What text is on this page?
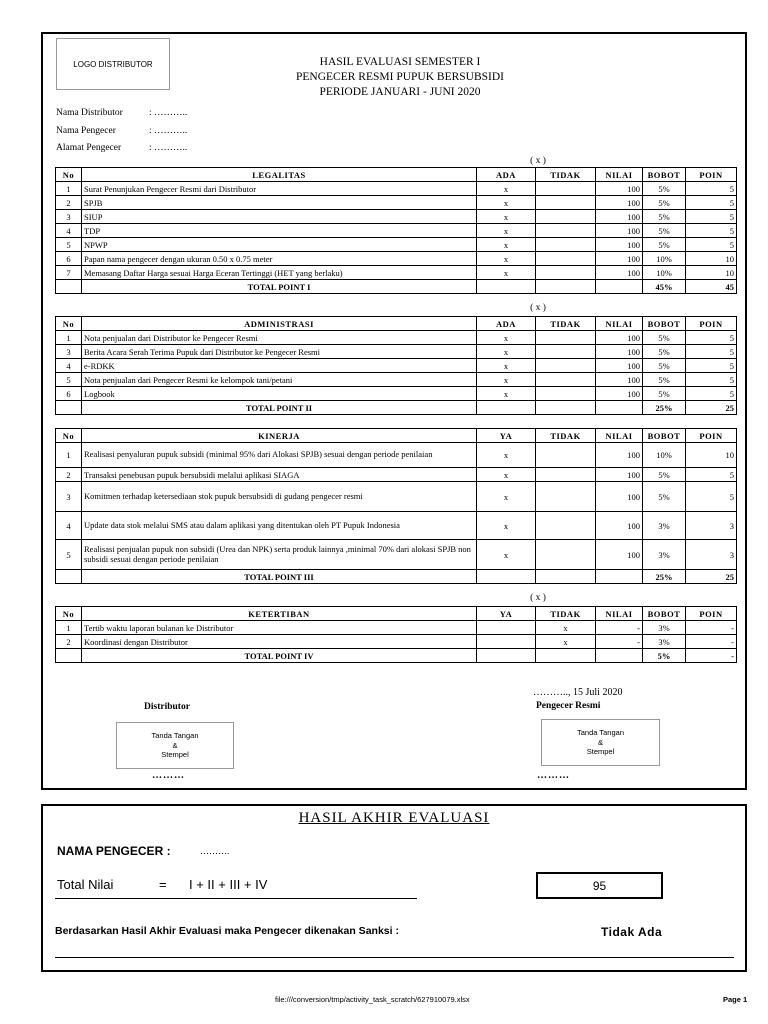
LOGO DISTRIBUTOR	HASIL EVALUASI SEMESTER I
PENGECER RESMI PUPUK BERSUBSIDI
PERIODE JANUARI - JUNI 2020
Nama Distributor	: ………..
Nama Pengecer	: ………..
Alamat Pengecer	: ………..
( x )
( x )
( x )
No	LEGALITAS	ADA	TIDAK	NILAI	BOBOT	POIN
1	Surat Penunjukan Pengecer Resmi dari Distributor	x		100	5%	5
2	SPJB	x		100	5%	5
3	SIUP	x		100	5%	5
4	TDP	x		100	5%	5
5	NPWP	x		100	5%	5
6	Papan nama pengecer dengan ukuran 0.50 x 0.75 meter	x		100	10%	10
7	Memasang Daftar Harga sesuai Harga Eceran Tertinggi (HET yang berlaku)	x		100	10%	10
	TOTAL POINT I				45%	45
No	ADMINISTRASI	ADA	TIDAK	NILAI	BOBOT	POIN
1	Nota penjualan dari Distributor ke Pengecer Resmi	x		100	5%	5
3	Berita Acara Serah Terima Pupuk dari Distributor ke Pengecer Resmi	x		100	5%	5
4	e-RDKK	x		100	5%	5
5	Nota penjualan dari Pengecer Resmi ke kelompok tani/petani	x		100	5%	5
6	Logbook	x		100	5%	5
	TOTAL POINT II				25%	25
No	KINERJA	YA	TIDAK	NILAI	BOBOT	POIN
1	Realisasi penyaluran pupuk subsidi (minimal 95% dari Alokasi SPJB) sesuai dengan periode penilaian	x		100	10%	10
2	Transaksi penebusan pupuk bersubsidi melalui aplikasi SIAGA	x		100	5%	5
3	Komitmen terhadap ketersediaan stok pupuk bersubsidi di gudang pengecer resmi	x		100	5%	5
4	Update data stok melalui SMS atau dalam aplikasi yang ditentukan oleh PT Pupuk Indonesia	x		100	3%	3
5	Realisasi penjualan pupuk non subsidi (Urea dan NPK) serta produk lainnya ,minimal 70% dari alokasi SPJB non subsidi sesuai dengan periode penilaian	x		100	3%	3
	TOTAL POINT III				25%	25
No	KETERTIBAN	YA	TIDAK	NILAI	BOBOT	POIN
1	Tertib waktu laporan bulanan ke Distributor		x	-	3%	-
2	Koordinasi dengan Distributor		x	-	3%	-
	TOTAL POINT IV				5%	-
……….., 15 Juli 2020
Distributor	Pengecer Resmi
Tanda Tangan
&
Stempel
Tanda Tangan
&
Stempel
………	………
HASIL AKHIR EVALUASI
NAMA PENGECER :	……….
Total Nilai	= I + II + III + IV	95
Berdasarkan Hasil Akhir Evaluasi maka Pengecer dikenakan Sanksi :	Tidak Ada
file:///conversion/tmp/activity_task_scratch/627910079.xlsx	Page 1
